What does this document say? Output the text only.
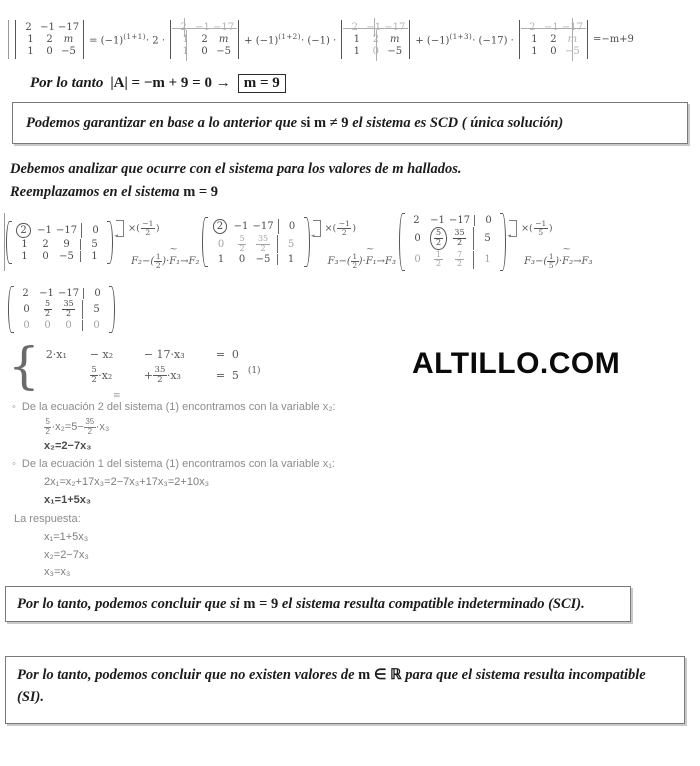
2 −1 −17
1 2 m
1 0 −5
= $(-1)^{(1+1)}\cdot 2$ ·
2 −1 −17
1 2 m
1 0 −5
+ $(-1)^{(1+2)}\cdot (-1)$ ·
2 −1 −17
1 2 m
1 0 −5
+ $(-1)^{(1+3)}\cdot (-17)$ ·
2 −1 −17
1 2 m
1 0 −5
=−m+9
Por lo tanto |A| = −m + 9 = 0 → m = 9
Podemos garantizar en base a lo anterior que si m ≠ 9 el sistema es SCD ( única solución)
Debemos analizar que ocurre con el sistema para los valores de m hallados.
Reemplazamos en el sistema m = 9
2 −1 −17 0
1 2 9 5
1 0 −5 1
◄
×( $\frac{-1}{2}$ )
~
$F_2-( \frac{1}{2} )\cdot F_1\to F_2$
2 −1 −17 0
$0 \frac{5}{2} \frac{35}{2} 5$
1 0 −5 1
◄
×( $\frac{-1}{2}$ )
~
$F_3-( \frac{1}{2} )\cdot F_1\to F_3$
2 −1 −17 0
$0 \frac{5}{2} \frac{35}{2} 5$
$0 \frac{1}{2} \frac{7}{2} 1$
◄
×( $\frac{-1}{5}$ )
~
$F_3-( \frac{1}{5} )\cdot F_2\to F_3$
2 −1 −17 0
$0 \frac{5}{2} \frac{35}{2} 5$
0 0 0 0
{ 2·x₁	− x₂	− 17·x₃	= 0
$\frac{5}{2} \cdot x_2$	+ $\frac{35}{2} \cdot x_3$	= 5	(1)
≡
ALTILLO.COM
◦ De la ecuación 2 del sistema (1) encontramos con la variable x₂:
$\frac{5}{2} \cdot x_2=5- \frac{35}{2} \cdot x_3$
x₂=2−7x₃
◦ De la ecuación 1 del sistema (1) encontramos con la variable x₁:
2x₁=x₂+17x₃=2−7x₃+17x₃=2+10x₃
x₁=1+5x₃
La respuesta:
x₁=1+5x₃
x₂=2−7x₃
x₃=x₃
Por lo tanto, podemos concluir que si m = 9 el sistema resulta compatible indeterminado (SCI).
Por lo tanto, podemos concluir que no existen valores de m ∈ ℝ para que el sistema resulta incompatible
(SI).
